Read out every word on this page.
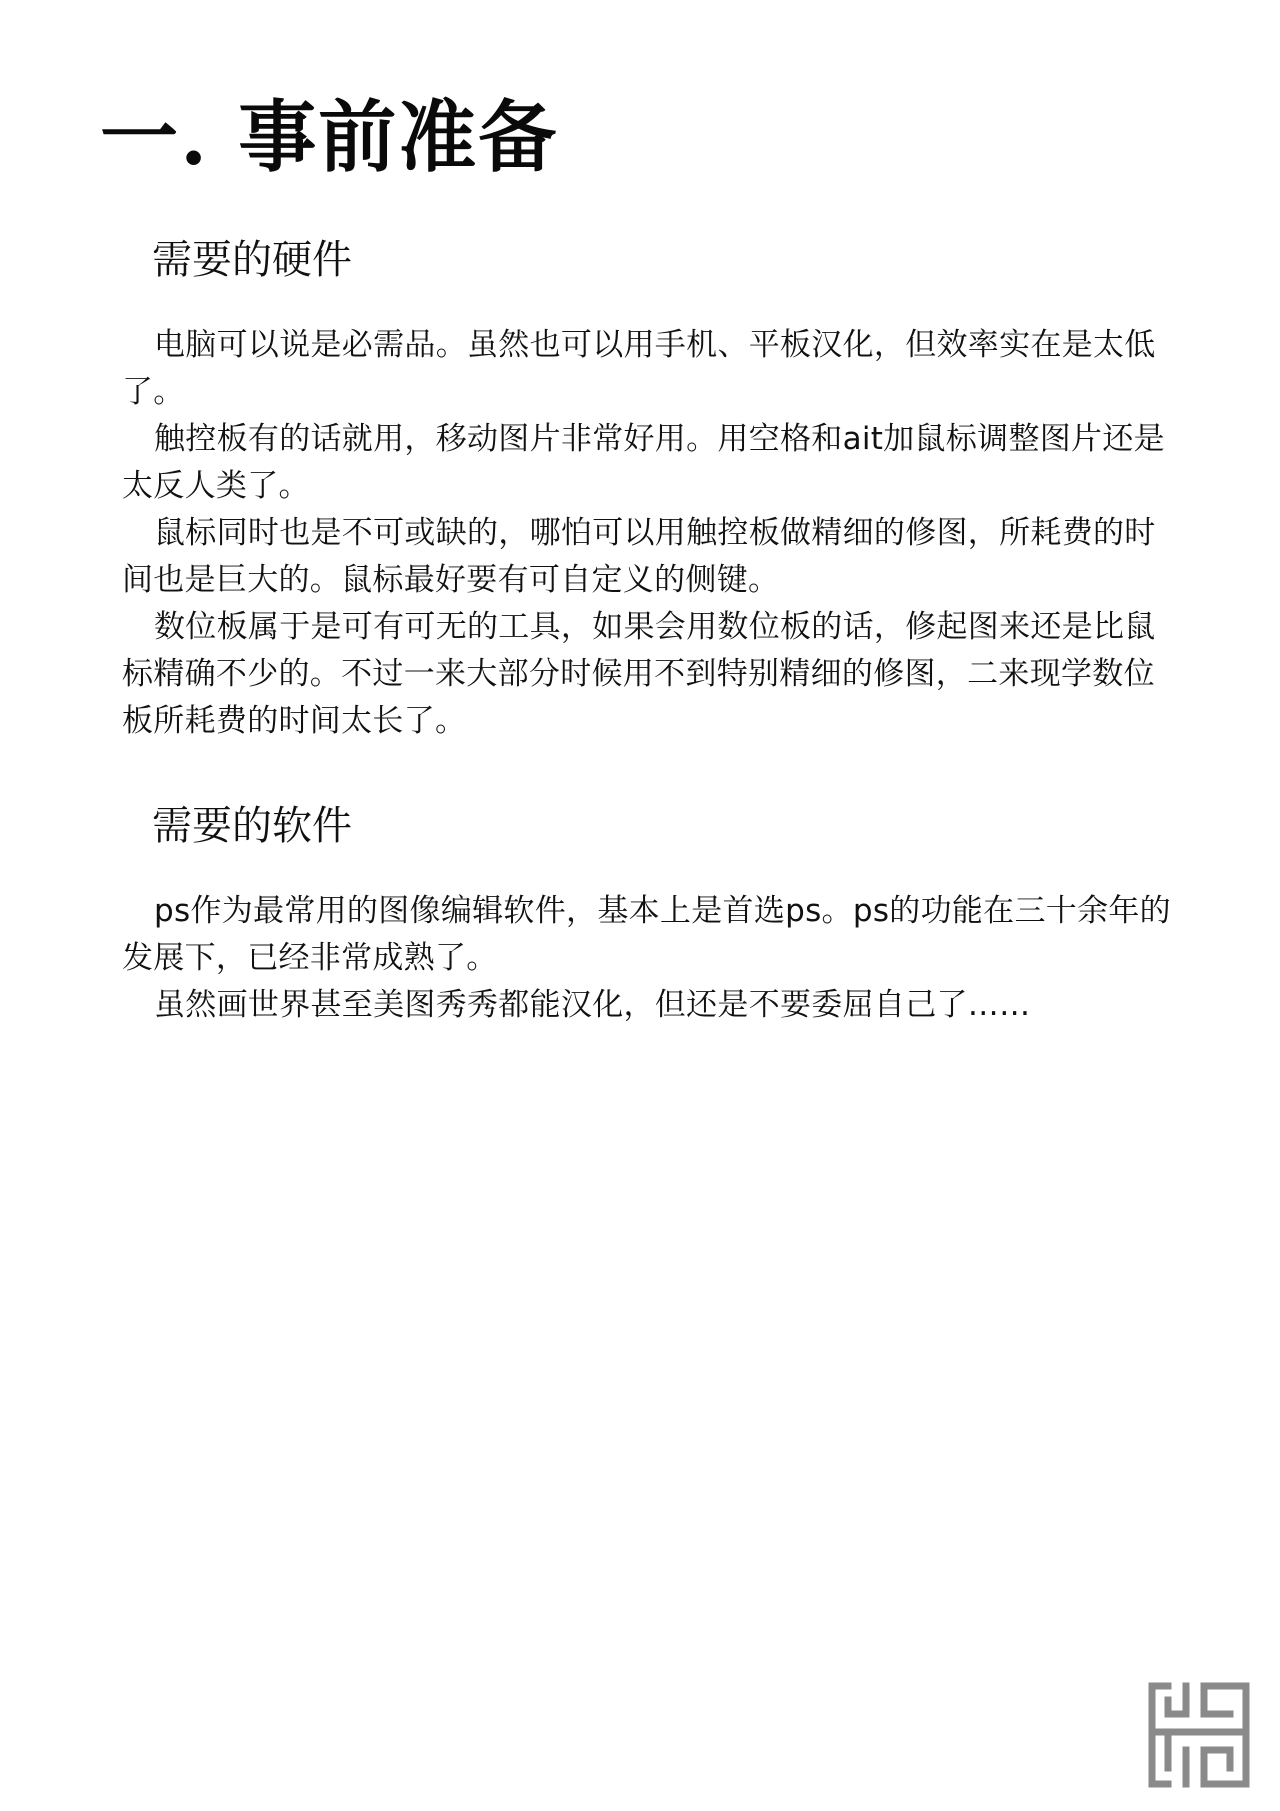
一. 事前准备
需要的硬件

电脑可以说是必需品。虽然也可以用手机、平板汉化，但效率实在是太低了。

触控板有的话就用，移动图片非常好用。用空格和ait加鼠标调整图片还是太反人类了。

鼠标同时也是不可或缺的，哪怕可以用触控板做精细的修图，所耗费的时间也是巨大的。鼠标最好要有可自定义的侧键。

数位板属于是可有可无的工具，如果会用数位板的话，修起图来还是比鼠标精确不少的。不过一来大部分时候用不到特别精细的修图，二来现学数位板所耗费的时间太长了。

需要的软件

ps作为最常用的图像编辑软件，基本上是首选ps。ps的功能在三十余年的发展下，已经非常成熟了。

虽然画世界甚至美图秀秀都能汉化，但还是不要委屈自己了……
